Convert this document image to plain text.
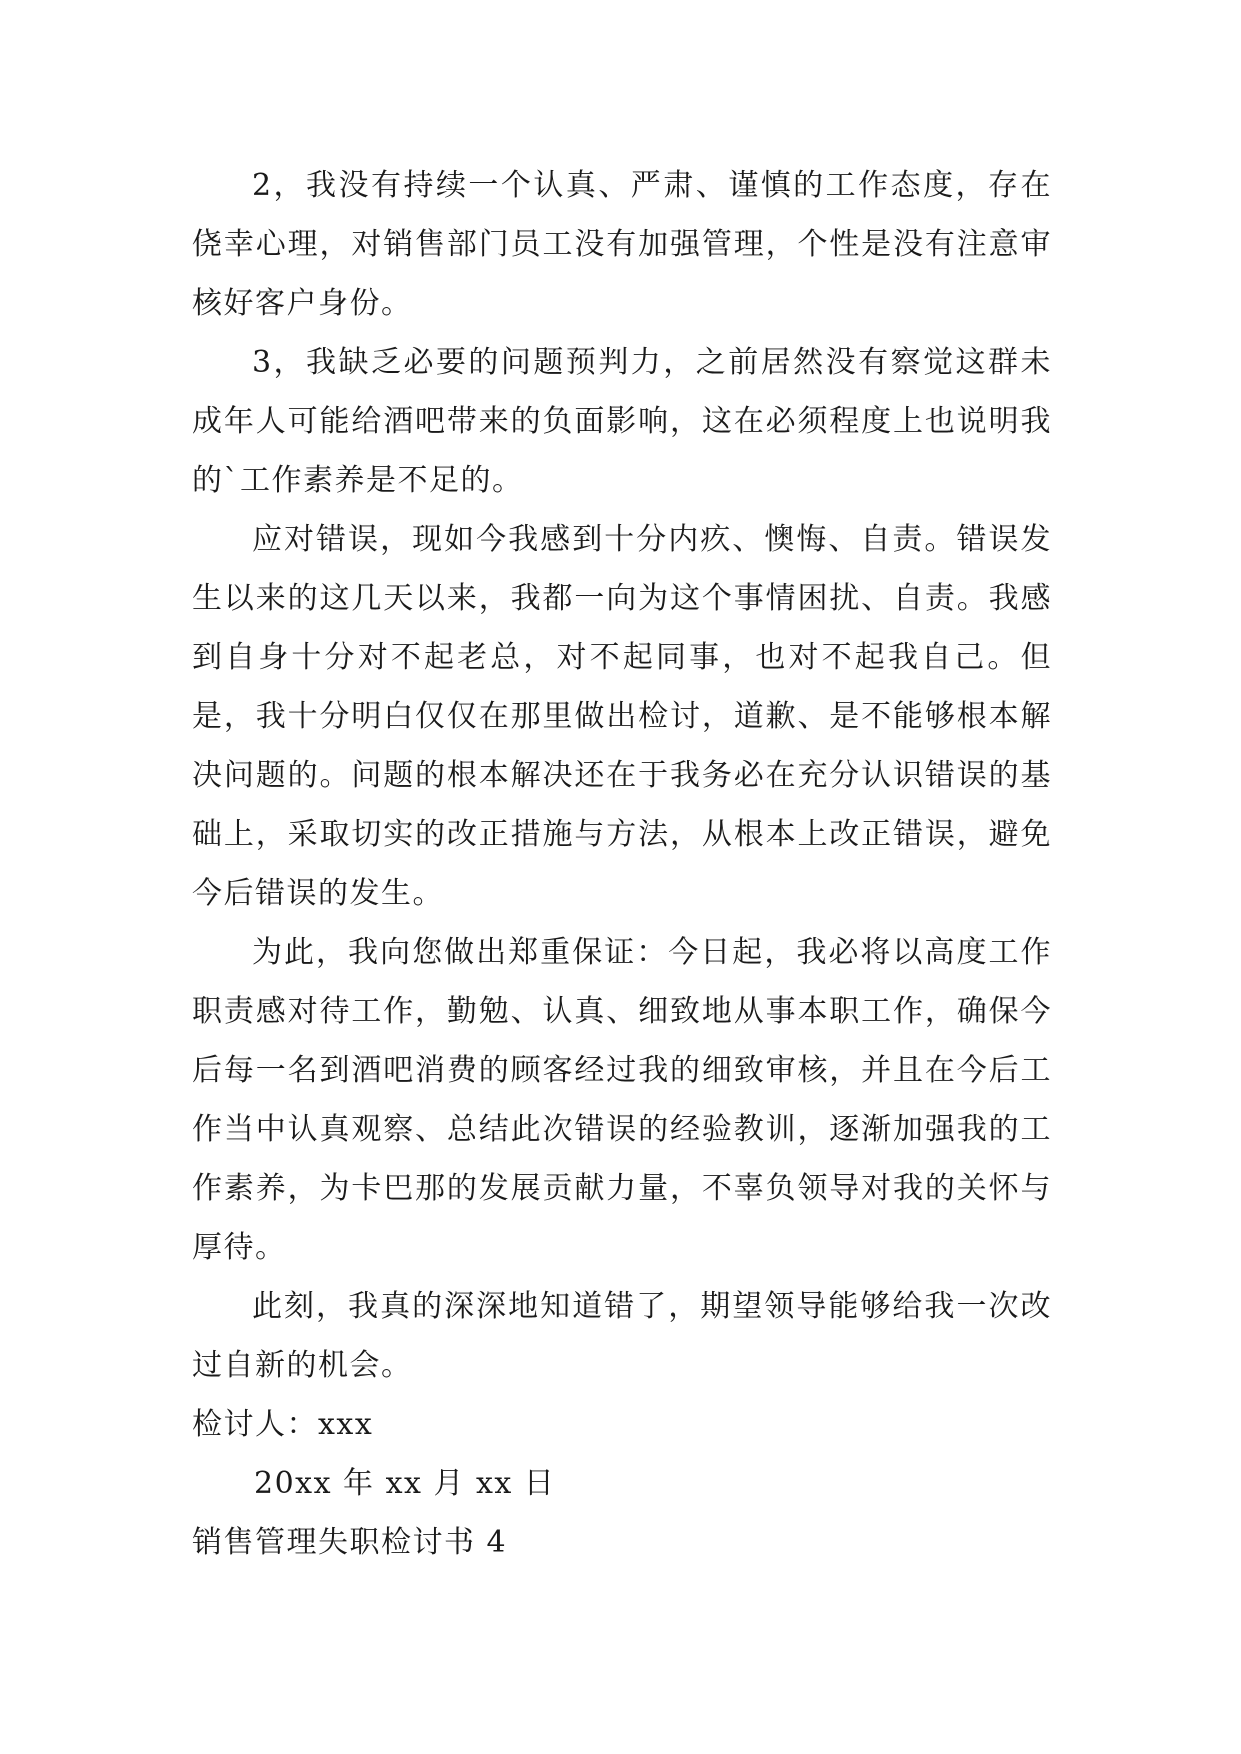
2，我没有持续一个认真、严肃、谨慎的工作态度，存在侥幸心理，对销售部门员工没有加强管理，个性是没有注意审核好客户身份。

3，我缺乏必要的问题预判力，之前居然没有察觉这群未成年人可能给酒吧带来的负面影响，这在必须程度上也说明我的`工作素养是不足的。

应对错误，现如今我感到十分内疚、懊悔、自责。错误发生以来的这几天以来，我都一向为这个事情困扰、自责。我感到自身十分对不起老总，对不起同事，也对不起我自己。但是，我十分明白仅仅在那里做出检讨，道歉、是不能够根本解决问题的。问题的根本解决还在于我务必在充分认识错误的基础上，采取切实的改正措施与方法，从根本上改正错误，避免今后错误的发生。

为此，我向您做出郑重保证：今日起，我必将以高度工作职责感对待工作，勤勉、认真、细致地从事本职工作，确保今后每一名到酒吧消费的顾客经过我的细致审核，并且在今后工作当中认真观察、总结此次错误的经验教训，逐渐加强我的工作素养，为卡巴那的发展贡献力量，不辜负领导对我的关怀与厚待。

此刻，我真的深深地知道错了，期望领导能够给我一次改过自新的机会。

检讨人：xxx

20xx 年 xx 月 xx 日

销售管理失职检讨书 4
